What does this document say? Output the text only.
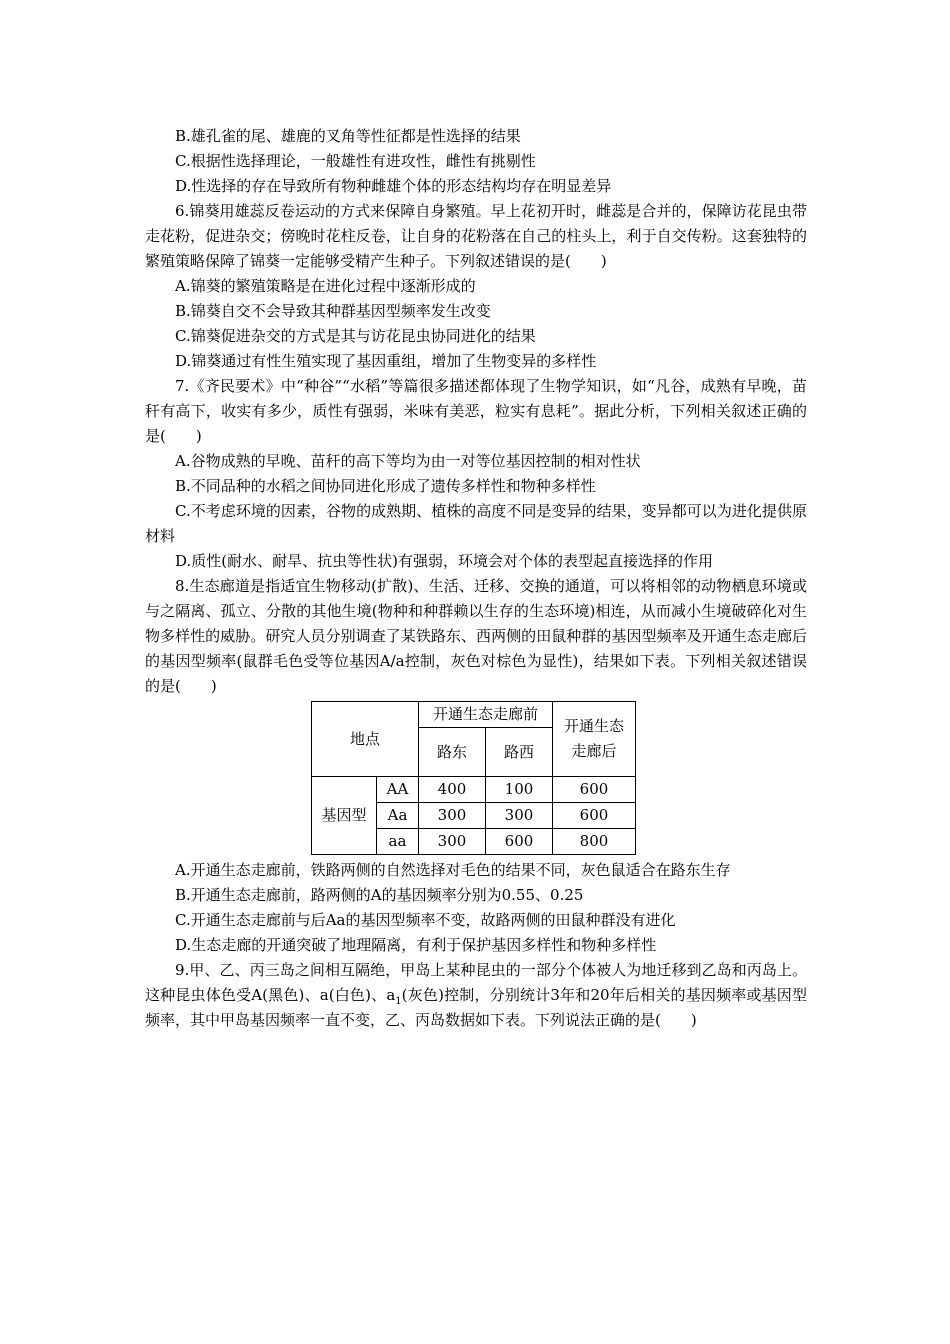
B.雄孔雀的尾、雄鹿的叉角等性征都是性选择的结果

C.根据性选择理论，一般雄性有进攻性，雌性有挑剔性

D.性选择的存在导致所有物种雌雄个体的形态结构均存在明显差异

6.锦葵用雄蕊反卷运动的方式来保障自身繁殖。早上花初开时，雌蕊是合并的，保障访花昆虫带走花粉，促进杂交；傍晚时花柱反卷，让自身的花粉落在自己的柱头上，利于自交传粉。这套独特的繁殖策略保障了锦葵一定能够受精产生种子。下列叙述错误的是(　　)

A.锦葵的繁殖策略是在进化过程中逐渐形成的

B.锦葵自交不会导致其种群基因型频率发生改变

C.锦葵促进杂交的方式是其与访花昆虫协同进化的结果

D.锦葵通过有性生殖实现了基因重组，增加了生物变异的多样性

7.《齐民要术》中“种谷”“水稻”等篇很多描述都体现了生物学知识，如“凡谷，成熟有早晚，苗秆有高下，收实有多少，质性有强弱，米味有美恶，粒实有息耗”。据此分析，下列相关叙述正确的是(　　)

A.谷物成熟的早晚、苗秆的高下等均为由一对等位基因控制的相对性状

B.不同品种的水稻之间协同进化形成了遗传多样性和物种多样性

C.不考虑环境的因素，谷物的成熟期、植株的高度不同是变异的结果，变异都可以为进化提供原材料

D.质性(耐水、耐旱、抗虫等性状)有强弱，环境会对个体的表型起直接选择的作用

8.生态廊道是指适宜生物移动(扩散)、生活、迁移、交换的通道，可以将相邻的动物栖息环境或与之隔离、孤立、分散的其他生境(物种和种群赖以生存的生态环境)相连，从而减小生境破碎化对生物多样性的威胁。研究人员分别调查了某铁路东、西两侧的田鼠种群的基因型频率及开通生态走廊后的基因型频率(鼠群毛色受等位基因A/a控制，灰色对棕色为显性)，结果如下表。下列相关叙述错误的是(　　)

地点		开通生态走廊前		开通生态走廊后

		路东	路西	
基因型	AA	400	100	600
	Aa	300	300	600
	aa	300	600	800

A.开通生态走廊前，铁路两侧的自然选择对毛色的结果不同，灰色鼠适合在路东生存

B.开通生态走廊前，路两侧的A的基因频率分别为0.55、0.25

C.开通生态走廊前与后Aa的基因型频率不变，故路两侧的田鼠种群没有进化

D.生态走廊的开通突破了地理隔离，有利于保护基因多样性和物种多样性

9.甲、乙、丙三岛之间相互隔绝，甲岛上某种昆虫的一部分个体被人为地迁移到乙岛和丙岛上。这种昆虫体色受A(黑色)、a(白色)、$a_1$(灰色)控制，分别统计3年和20年后相关的基因频率或基因型频率，其中甲岛基因频率一直不变，乙、丙岛数据如下表。下列说法正确的是(　　)
